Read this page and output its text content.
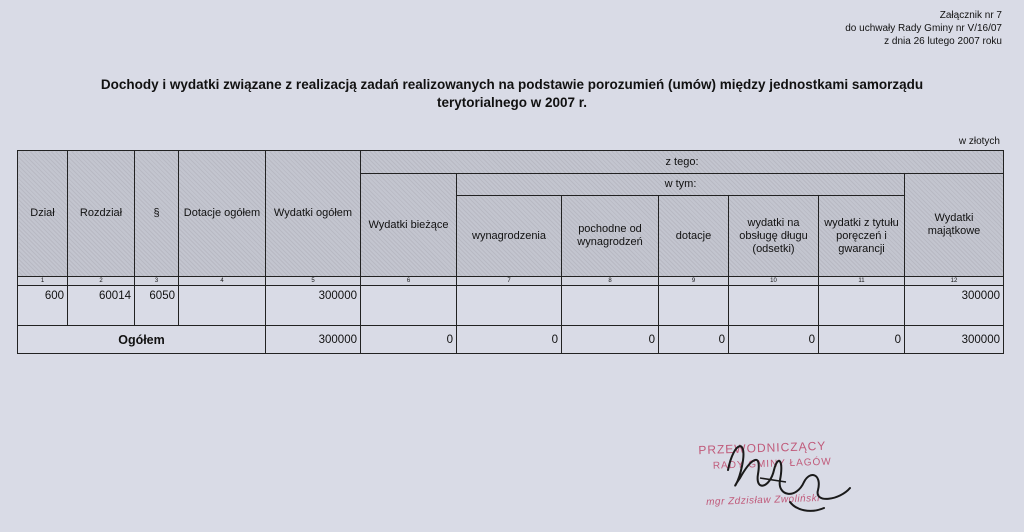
Załącznik nr 7
do uchwały Rady Gminy nr V/16/07
z dnia 26 lutego 2007 roku
Dochody i wydatki związane z realizacją zadań realizowanych na podstawie porozumień (umów) między jednostkami samorządu
terytorialnego w 2007 r.
w złotych
Dział	Rozdział	§	Dotacje ogółem	Wydatki ogółem	z tego:						
					Wydatki bieżące	w tym:					Wydatki majątkowe
						wynagrodzenia	pochodne od wynagrodzeń	dotacje	wydatki na obsługę długu (odsetki)	wydatki z tytułu poręczeń i gwarancji	
1	2	3	4	5	6	7	8	9	10	11	12
600	60014	6050		300000							300000
Ogółem				300000	0	0	0	0	0	0	300000
PRZEWODNICZĄCY
RADY GMINY ŁAGÓW
mgr Zdzisław Zwoliński
